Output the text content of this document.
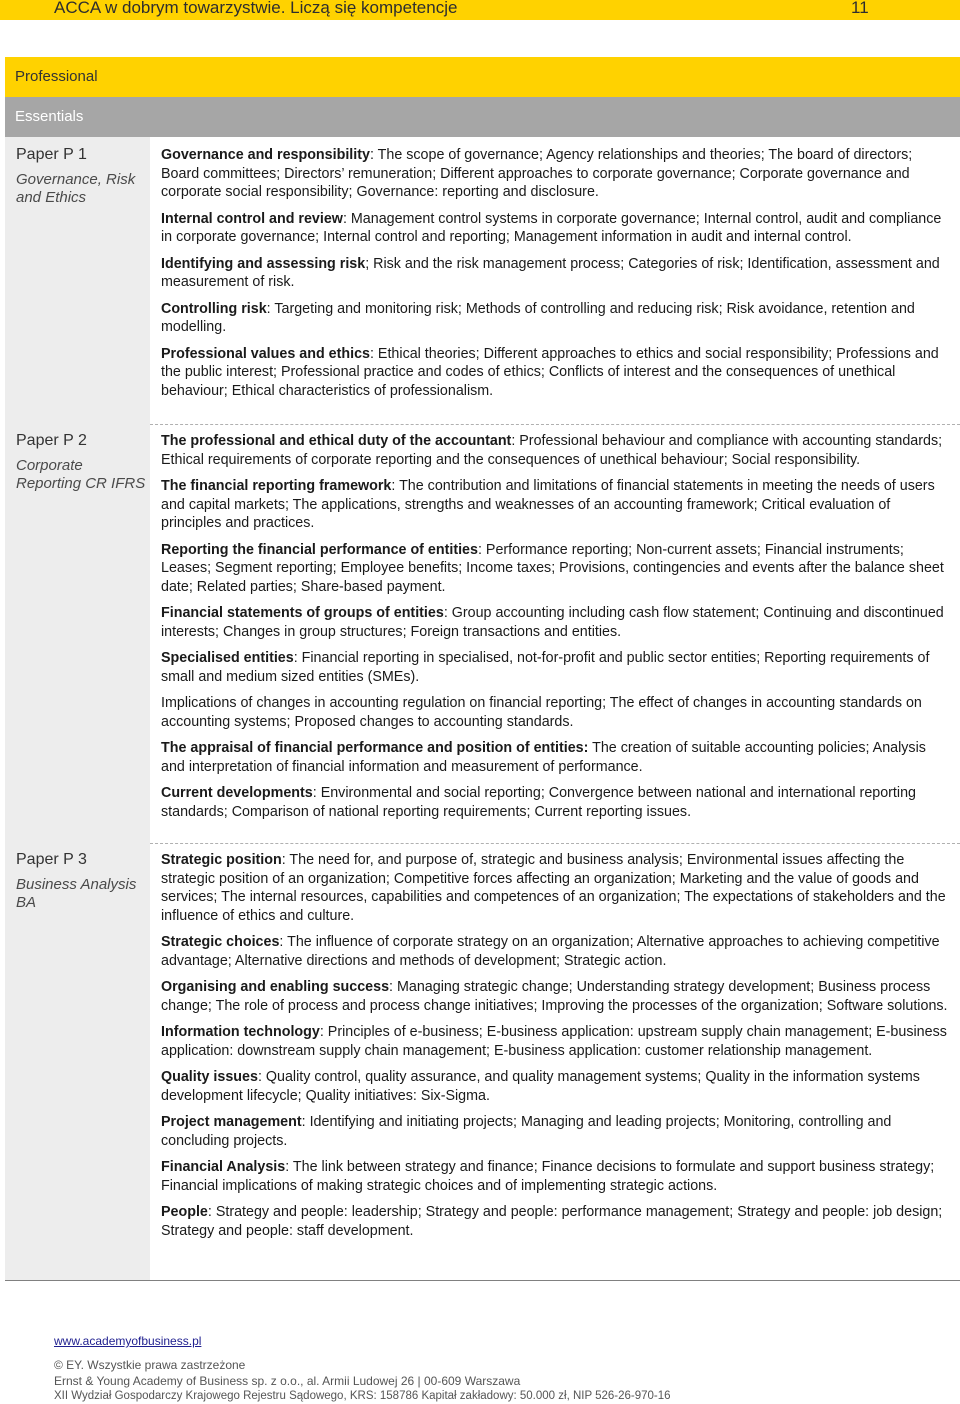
ACCA w dobrym towarzystwie. Liczą się kompetencje	11
Professional
Essentials
Paper P 1
Governance, Risk and Ethics

Governance and responsibility: The scope of governance; Agency relationships and theories; The board of directors; Board committees; Directors’ remuneration; Different approaches to corporate governance; Corporate governance and corporate social responsibility; Governance: reporting and disclosure.

Internal control and review: Management control systems in corporate governance; Internal control, audit and compliance in corporate governance; Internal control and reporting; Management information in audit and internal control.

Identifying and assessing risk; Risk and the risk management process; Categories of risk; Identification, assessment and measurement of risk.

Controlling risk: Targeting and monitoring risk; Methods of controlling and reducing risk; Risk avoidance, retention and modelling.

Professional values and ethics: Ethical theories; Different approaches to ethics and social responsibility; Professions and the public interest; Professional practice and codes of ethics; Conflicts of interest and the consequences of unethical behaviour; Ethical characteristics of professionalism.

Paper P 2
Corporate Reporting CR IFRS

The professional and ethical duty of the accountant: Professional behaviour and compliance with accounting standards; Ethical requirements of corporate reporting and the consequences of unethical behaviour; Social responsibility.

The financial reporting framework: The contribution and limitations of financial statements in meeting the needs of users and capital markets; The applications, strengths and weaknesses of an accounting framework; Critical evaluation of principles and practices.

Reporting the financial performance of entities: Performance reporting; Non-current assets; Financial instruments; Leases; Segment reporting; Employee benefits; Income taxes; Provisions, contingencies and events after the balance sheet date; Related parties; Share-based payment.

Financial statements of groups of entities: Group accounting including cash flow statement; Continuing and discontinued interests; Changes in group structures; Foreign transactions and entities.

Specialised entities: Financial reporting in specialised, not-for-profit and public sector entities; Reporting requirements of small and medium sized entities (SMEs).

Implications of changes in accounting regulation on financial reporting; The effect of changes in accounting standards on accounting systems; Proposed changes to accounting standards.

The appraisal of financial performance and position of entities: The creation of suitable accounting policies; Analysis and interpretation of financial information and measurement of performance.

Current developments: Environmental and social reporting; Convergence between national and international reporting standards; Comparison of national reporting requirements; Current reporting issues.

Paper P 3
Business Analysis BA

Strategic position: The need for, and purpose of, strategic and business analysis; Environmental issues affecting the strategic position of an organization; Competitive forces affecting an organization; Marketing and the value of goods and services; The internal resources, capabilities and competences of an organization; The expectations of stakeholders and the influence of ethics and culture.

Strategic choices: The influence of corporate strategy on an organization; Alternative approaches to achieving competitive advantage; Alternative directions and methods of development; Strategic action.

Organising and enabling success: Managing strategic change; Understanding strategy development; Business process change; The role of process and process change initiatives; Improving the processes of the organization; Software solutions.

Information technology: Principles of e-business; E-business application: upstream supply chain management; E-business application: downstream supply chain management; E-business application: customer relationship management.

Quality issues: Quality control, quality assurance, and quality management systems; Quality in the information systems development lifecycle; Quality initiatives: Six-Sigma.

Project management: Identifying and initiating projects; Managing and leading projects; Monitoring, controlling and concluding projects.

Financial Analysis: The link between strategy and finance; Finance decisions to formulate and support business strategy; Financial implications of making strategic choices and of implementing strategic actions.

People: Strategy and people: leadership; Strategy and people: performance management; Strategy and people: job design; Strategy and people: staff development.

www.academyofbusiness.pl
© EY. Wszystkie prawa zastrzeżone
Ernst & Young Academy of Business sp. z o.o., al. Armii Ludowej 26 | 00-609 Warszawa
XII Wydział Gospodarczy Krajowego Rejestru Sądowego, KRS: 158786 Kapitał zakładowy: 50.000 zł, NIP 526-26-970-16
